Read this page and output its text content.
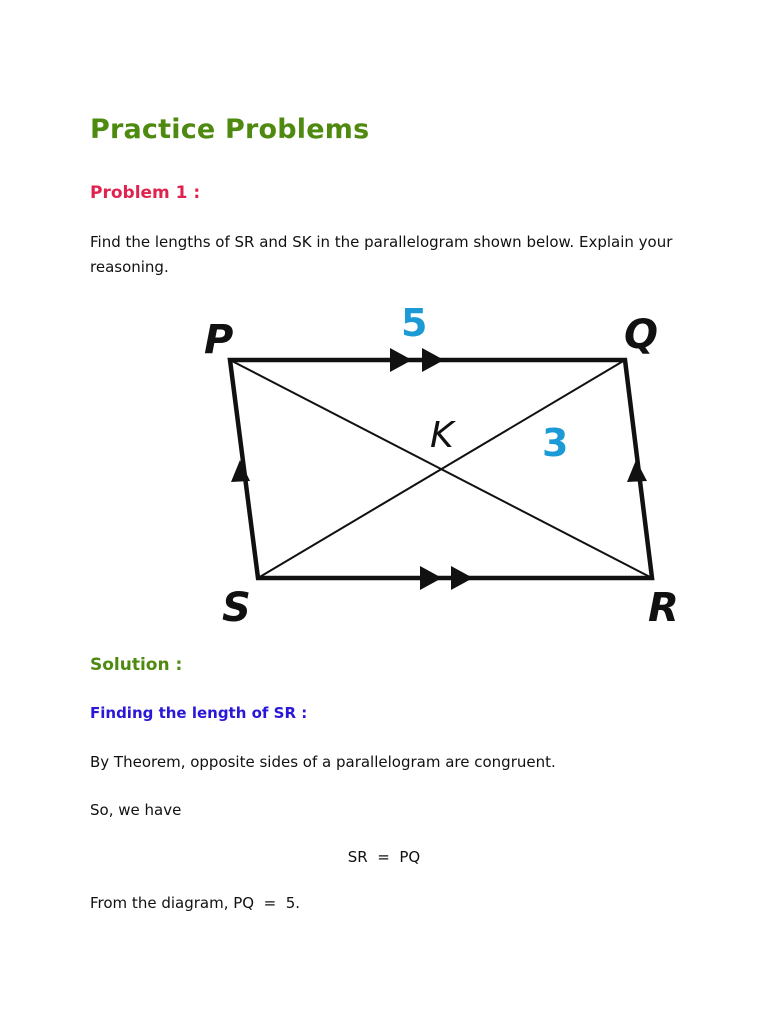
Practice Problems
Problem 1 :

Find the lengths of SR and SK in the parallelogram shown below. Explain your reasoning.

P	Q
S	R
K
5
3
Solution :
Finding the length of SR :

By Theorem, opposite sides of a parallelogram are congruent.

So, we have

SR  =  PQ

From the diagram, PQ  =  5.
